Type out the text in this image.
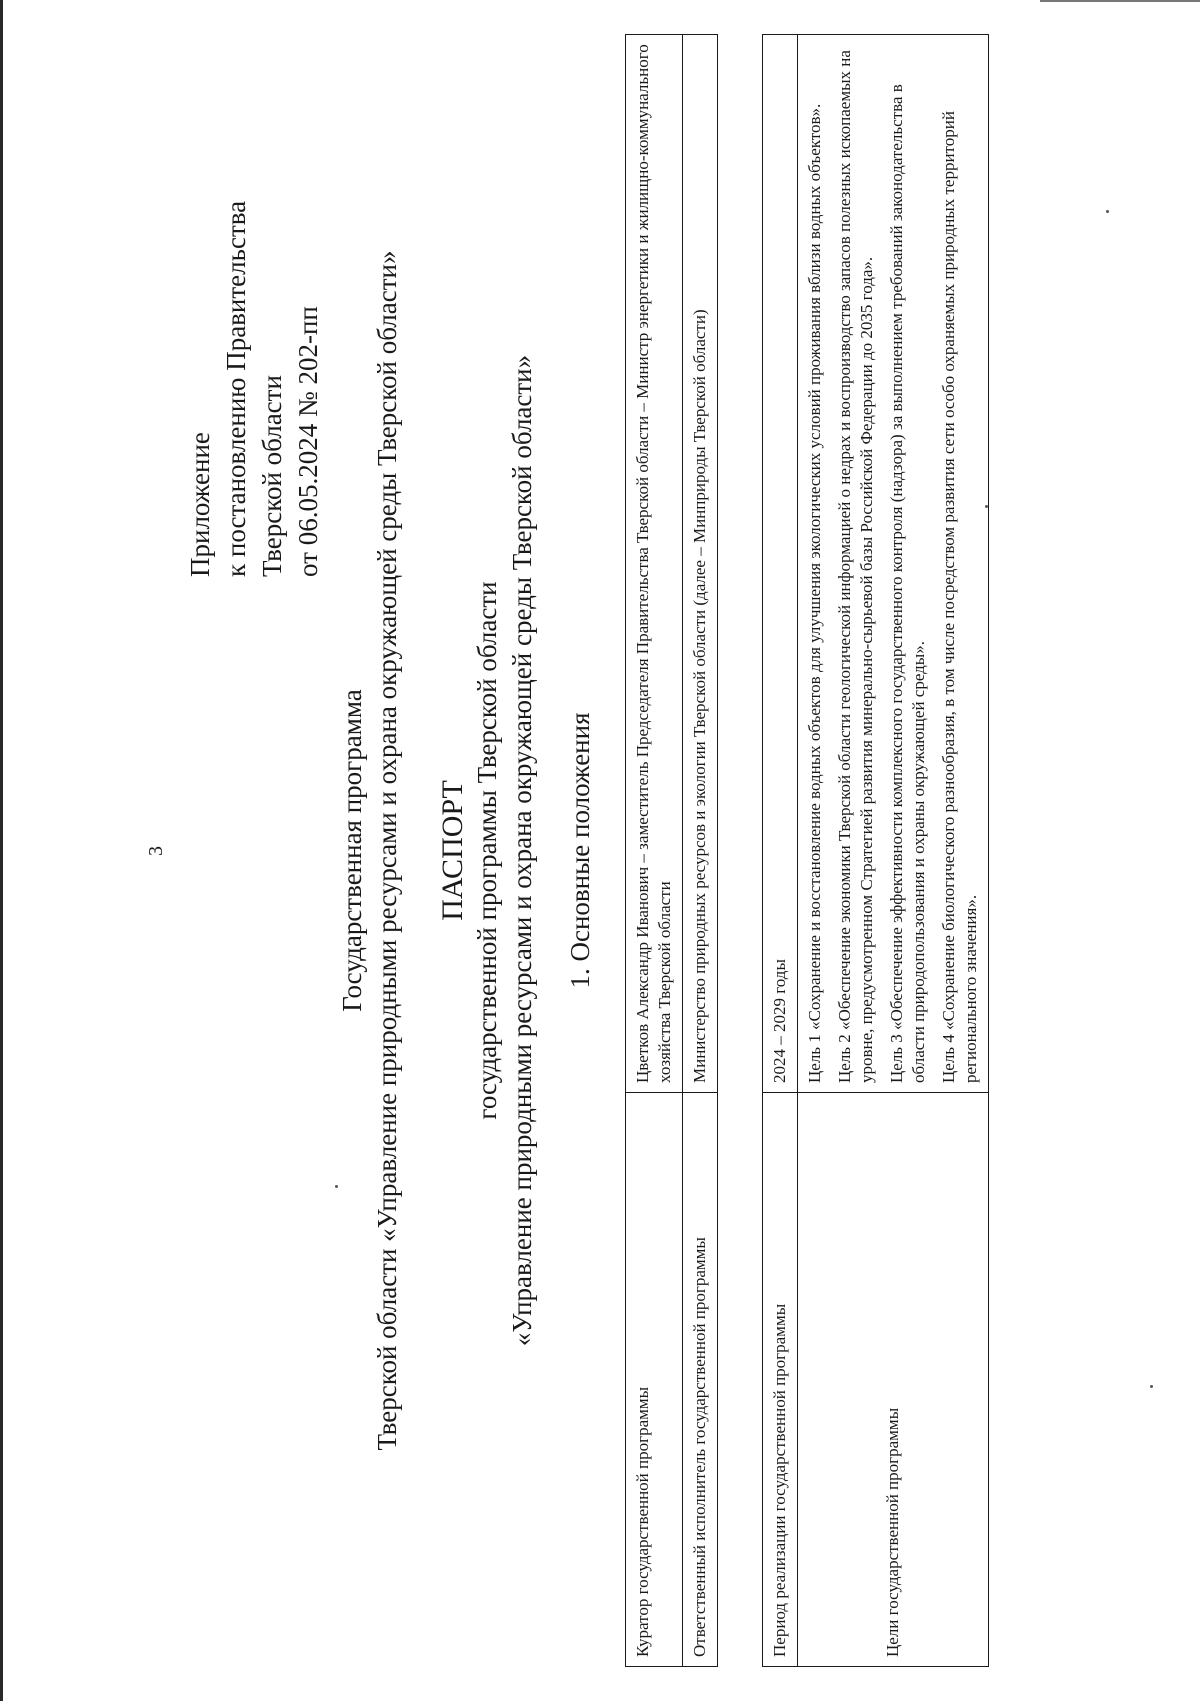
3
Приложение к постановлению Правительства Тверской области от 06.05.2024 № 202-пп
Государственная программа Тверской области «Управление природными ресурсами и охрана окружающей среды Тверской области» ПАСПОРТ государственной программы Тверской области «Управление природными ресурсами и охрана окружающей среды Тверской области» 1. Основные положения
Куратор государственной программы	Цветков Александр Иванович – заместитель Председателя Правительства Тверской области – Министр энергетики и жилищно-коммунального хозяйства Тверской области
Ответственный исполнитель государственной программы	Министерство природных ресурсов и экологии Тверской области (далее – Минприроды Тверской области)
Период реализации государственной программы	2024 – 2029 годы
Цели государственной программы	Цель 1 «Сохранение и восстановление водных объектов для улучшения экологических условий проживания вблизи водных объектов». Цель 2 «Обеспечение экономики Тверской области геологической информацией о недрах и воспроизводство запасов полезных ископаемых на уровне, предусмотренном Стратегией развития минерально-сырьевой базы Российской Федерации до 2035 года». Цель 3 «Обеспечение эффективности комплексного государственного контроля (надзора) за выполнением требований законодательства в области природопользования и охраны окружающей среды». Цель 4 «Сохранение биологического разнообразия, в том числе посредством развития сети особо охраняемых природных территорий регионального значения».
